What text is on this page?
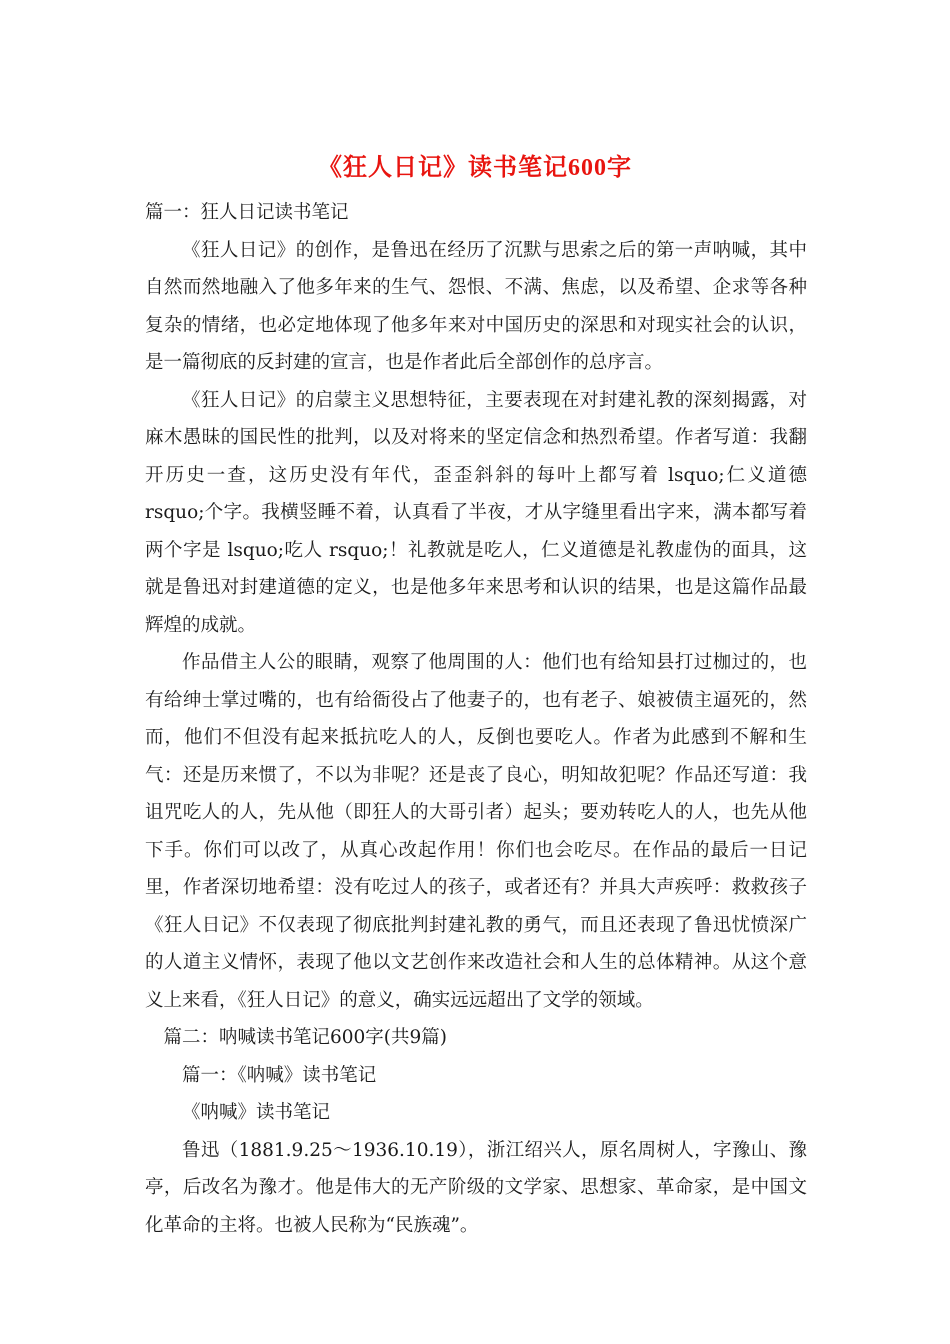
《狂人日记》读书笔记600字

篇一：狂人日记读书笔记

《狂人日记》的创作，是鲁迅在经历了沉默与思索之后的第一声呐喊，其中自然而然地融入了他多年来的生气、怨恨、不满、焦虑，以及希望、企求等各种复杂的情绪，也必定地体现了他多年来对中国历史的深思和对现实社会的认识，是一篇彻底的反封建的宣言，也是作者此后全部创作的总序言。

《狂人日记》的启蒙主义思想特征，主要表现在对封建礼教的深刻揭露，对麻木愚昧的国民性的批判，以及对将来的坚定信念和热烈希望。作者写道：我翻开历史一查，这历史没有年代，歪歪斜斜的每叶上都写着 lsquo;仁义道德 rsquo;个字。我横竖睡不着，认真看了半夜，才从字缝里看出字来，满本都写着两个字是 lsquo;吃人 rsquo;！礼教就是吃人，仁义道德是礼教虚伪的面具，这就是鲁迅对封建道德的定义，也是他多年来思考和认识的结果，也是这篇作品最辉煌的成就。

作品借主人公的眼睛，观察了他周围的人：他们也有给知县打过枷过的，也有给绅士掌过嘴的，也有给衙役占了他妻子的，也有老子、娘被债主逼死的，然而，他们不但没有起来抵抗吃人的人，反倒也要吃人。作者为此感到不解和生气：还是历来惯了，不以为非呢？还是丧了良心，明知故犯呢？作品还写道：我诅咒吃人的人，先从他（即狂人的大哥引者）起头；要劝转吃人的人，也先从他下手。你们可以改了，从真心改起作用！你们也会吃尽。在作品的最后一日记里，作者深切地希望：没有吃过人的孩子，或者还有？并具大声疾呼：救救孩子 《狂人日记》不仅表现了彻底批判封建礼教的勇气，而且还表现了鲁迅忧愤深广的人道主义情怀，表现了他以文艺创作来改造社会和人生的总体精神。从这个意义上来看，《狂人日记》的意义，确实远远超出了文学的领域。

篇二：呐喊读书笔记600字(共9篇)

篇一：《呐喊》读书笔记

《呐喊》读书笔记

鲁迅（1881.9.25～1936.10.19），浙江绍兴人，原名周树人，字豫山、豫亭，后改名为豫才。他是伟大的无产阶级的文学家、思想家、革命家，是中国文化革命的主将。也被人民称为“民族魂”。
